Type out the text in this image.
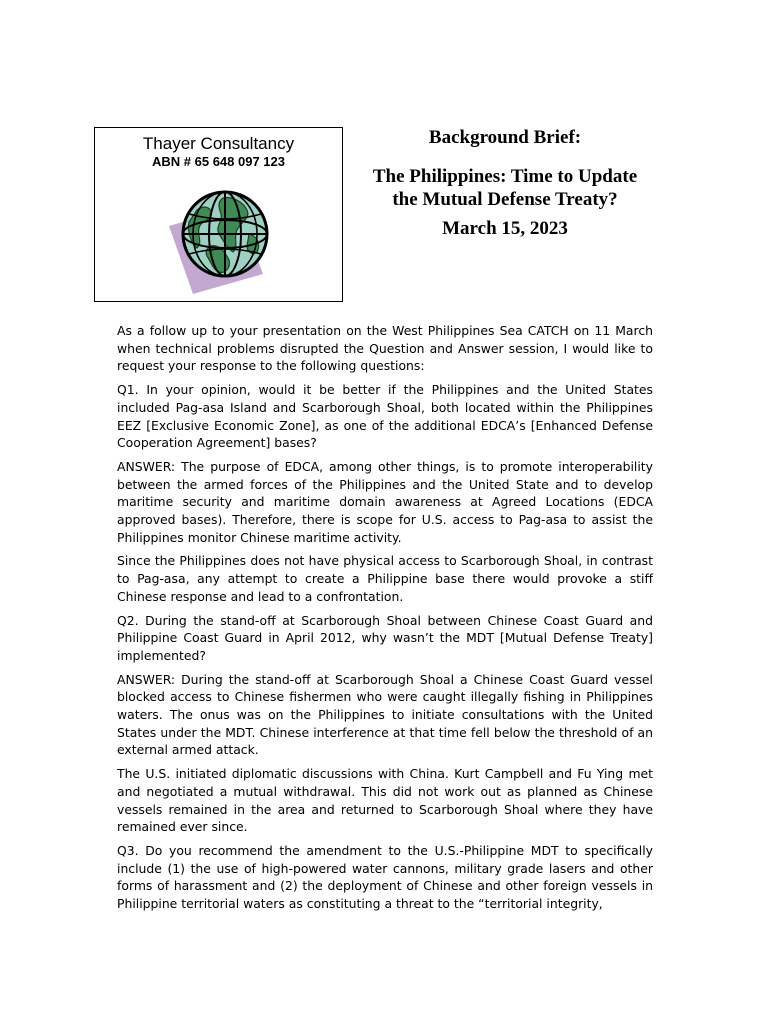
Thayer Consultancy
ABN # 65 648 097 123
Background Brief:
The Philippines: Time to Update
the Mutual Defense Treaty?
March 15, 2023

As a follow up to your presentation on the West Philippines Sea CATCH on 11 March when technical problems disrupted the Question and Answer session, I would like to request your response to the following questions:

Q1. In your opinion, would it be better if the Philippines and the United States included Pag-asa Island and Scarborough Shoal, both located within the Philippines EEZ [Exclusive Economic Zone], as one of the additional EDCA’s [Enhanced Defense Cooperation Agreement] bases?

ANSWER: The purpose of EDCA, among other things, is to promote interoperability between the armed forces of the Philippines and the United State and to develop maritime security and maritime domain awareness at Agreed Locations (EDCA approved bases). Therefore, there is scope for U.S. access to Pag-asa to assist the Philippines monitor Chinese maritime activity.

Since the Philippines does not have physical access to Scarborough Shoal, in contrast to Pag-asa, any attempt to create a Philippine base there would provoke a stiff Chinese response and lead to a confrontation.

Q2. During the stand-off at Scarborough Shoal between Chinese Coast Guard and Philippine Coast Guard in April 2012, why wasn’t the MDT [Mutual Defense Treaty] implemented?

ANSWER: During the stand-off at Scarborough Shoal a Chinese Coast Guard vessel blocked access to Chinese fishermen who were caught illegally fishing in Philippines waters. The onus was on the Philippines to initiate consultations with the United States under the MDT. Chinese interference at that time fell below the threshold of an external armed attack.

The U.S. initiated diplomatic discussions with China. Kurt Campbell and Fu Ying met and negotiated a mutual withdrawal. This did not work out as planned as Chinese vessels remained in the area and returned to Scarborough Shoal where they have remained ever since.

Q3. Do you recommend the amendment to the U.S.-Philippine MDT to specifically include (1) the use of high-powered water cannons, military grade lasers and other forms of harassment and (2) the deployment of Chinese and other foreign vessels in Philippine territorial waters as constituting a threat to the “territorial integrity,
